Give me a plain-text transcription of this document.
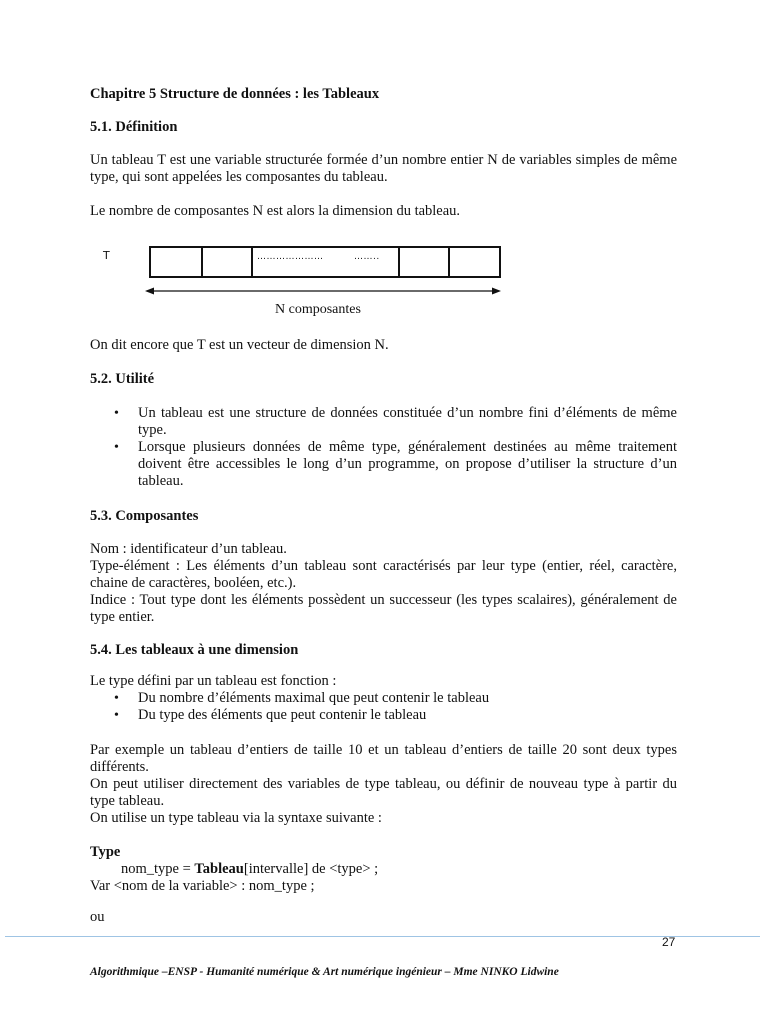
Chapitre 5 Structure de données : les Tableaux
5.1. Définition
Un tableau T est une variable structurée formée d’un nombre entier N de variables simples de même type, qui sont appelées les composantes du tableau.
Le nombre de composantes N est alors la dimension du tableau.
T	…………………	……..
N composantes
On dit encore que T est un vecteur de dimension N.
5.2. Utilité
• Un tableau est une structure de données constituée d’un nombre fini d’éléments de même type.
• Lorsque plusieurs données de même type, généralement destinées au même traitement doivent être accessibles le long d’un programme, on propose d’utiliser la structure d’un tableau.
5.3. Composantes
Nom : identificateur d’un tableau.
Type-élément : Les éléments d’un tableau sont caractérisés par leur type (entier, réel, caractère, chaine de caractères, booléen, etc.).
Indice : Tout type dont les éléments possèdent un successeur (les types scalaires), généralement de type entier.
5.4. Les tableaux à une dimension
Le type défini par un tableau est fonction :
• Du nombre d’éléments maximal que peut contenir le tableau
• Du type des éléments que peut contenir le tableau
Par exemple un tableau d’entiers de taille 10 et un tableau d’entiers de taille 20 sont deux types différents.
On peut utiliser directement des variables de type tableau, ou définir de nouveau type à partir du type tableau.
On utilise un type tableau via la syntaxe suivante :
Type
nom_type = Tableau[intervalle] de <type> ;
Var <nom de la variable> : nom_type ;
ou
27
Algorithmique –ENSP - Humanité numérique & Art numérique ingénieur – Mme NINKO Lidwine
